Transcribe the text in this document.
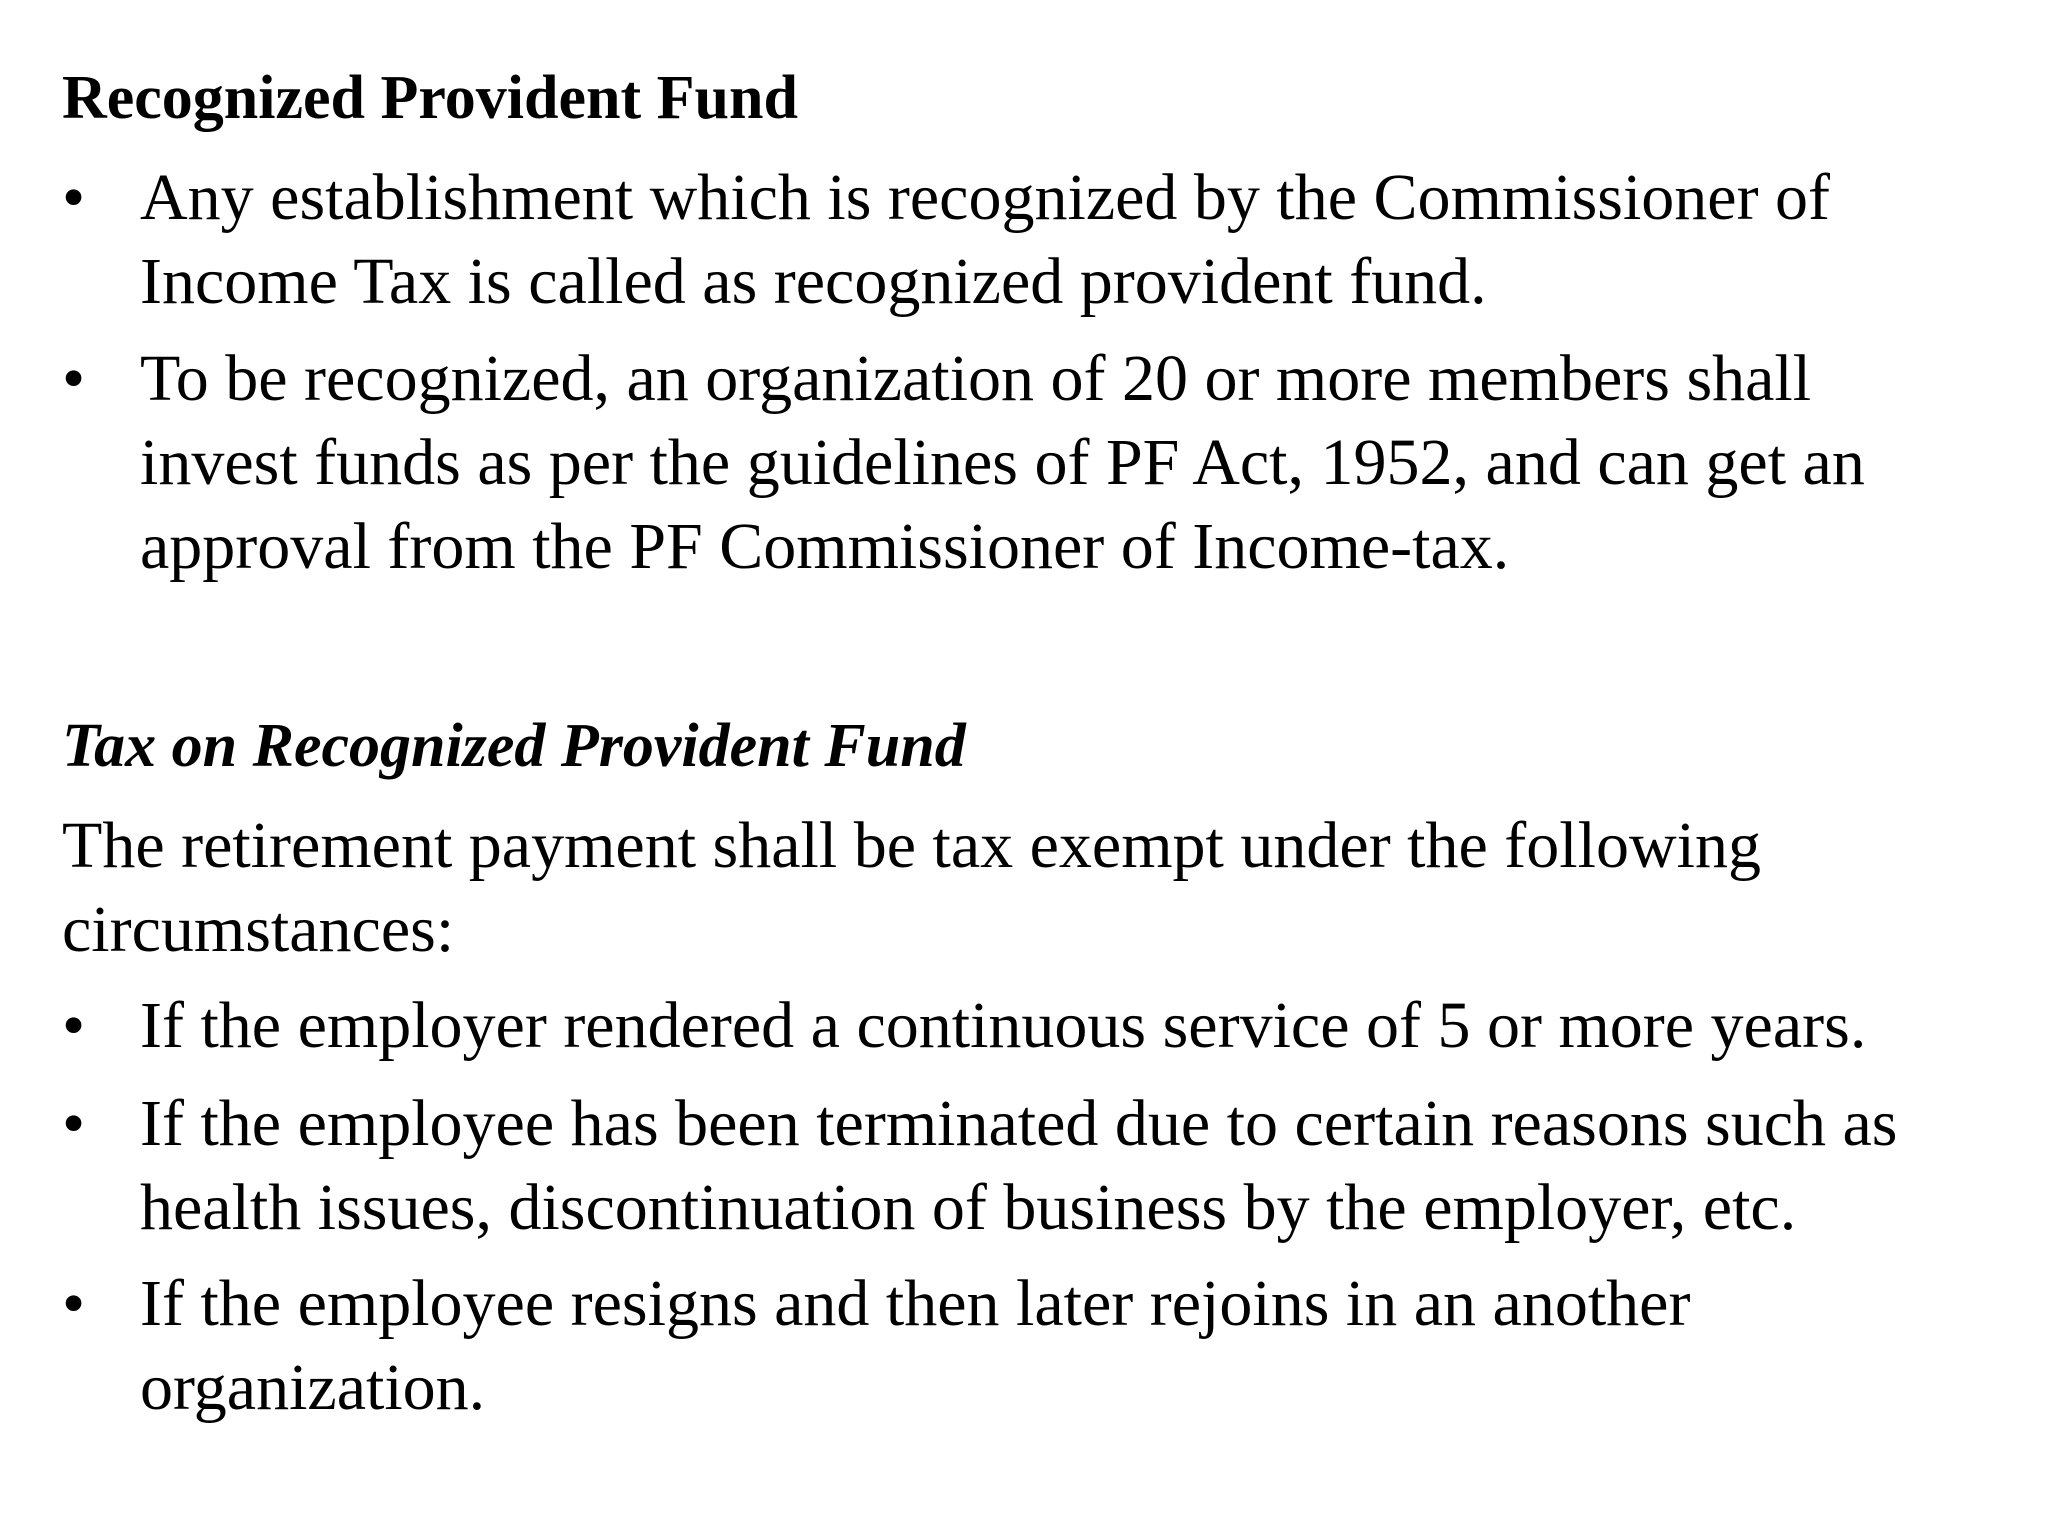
Recognized Provident Fund
• Any establishment which is recognized by the Commissioner of

Income Tax is called as recognized provident fund.

• To be recognized, an organization of 20 or more members shall

invest funds as per the guidelines of PF Act, 1952, and can get an

approval from the PF Commissioner of Income-tax.

Tax on Recognized Provident Fund

The retirement payment shall be tax exempt under the following

circumstances:

• If the employer rendered a continuous service of 5 or more years.

• If the employee has been terminated due to certain reasons such as

health issues, discontinuation of business by the employer, etc.

• If the employee resigns and then later rejoins in an another

organization.
